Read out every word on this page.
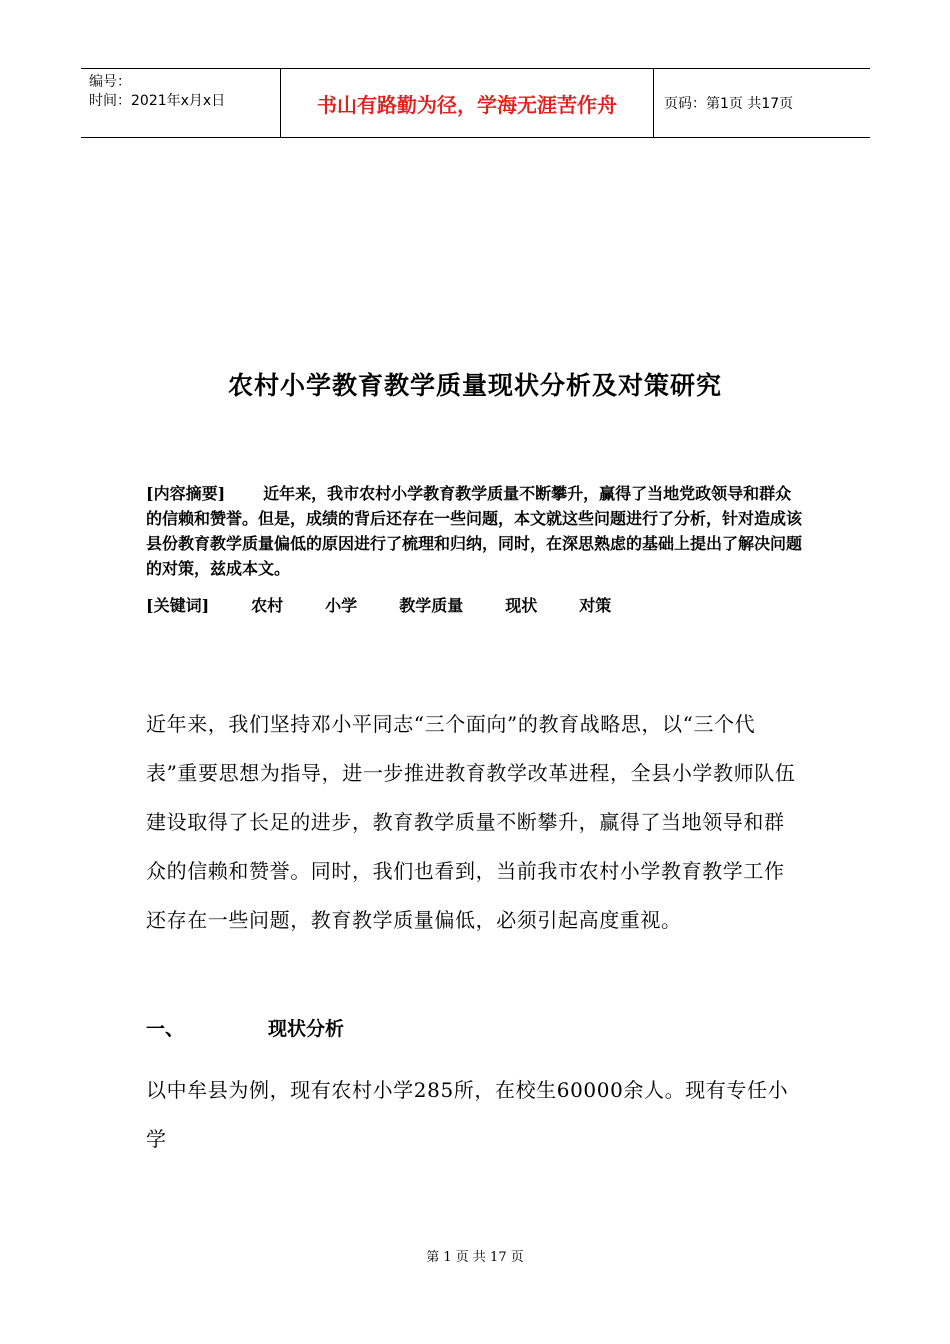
编号：
时间：2021年x月x日	书山有路勤为径，学海无涯苦作舟	页码：第1页 共17页
农村小学教育教学质量现状分析及对策研究
[内容摘要] 近年来，我市农村小学教育教学质量不断攀升，赢得了当地党政领导和群众的信赖和赞誉。但是，成绩的背后还存在一些问题，本文就这些问题进行了分析，针对造成该县份教育教学质量偏低的原因进行了梳理和归纳，同时，在深思熟虑的基础上提出了解决问题的对策，兹成本文。
[关键词]	农村	小学	教学质量	现状	对策
近年来，我们坚持邓小平同志“三个面向”的教育战略思，以“三个代表”重要思想为指导，进一步推进教育教学改革进程，全县小学教师队伍建设取得了长足的进步，教育教学质量不断攀升，赢得了当地领导和群众的信赖和赞誉。同时，我们也看到，当前我市农村小学教育教学工作还存在一些问题，教育教学质量偏低，必须引起高度重视。
一、	现状分析
以中牟县为例，现有农村小学285所，在校生60000余人。现有专任小学
第 1 页 共 17 页
